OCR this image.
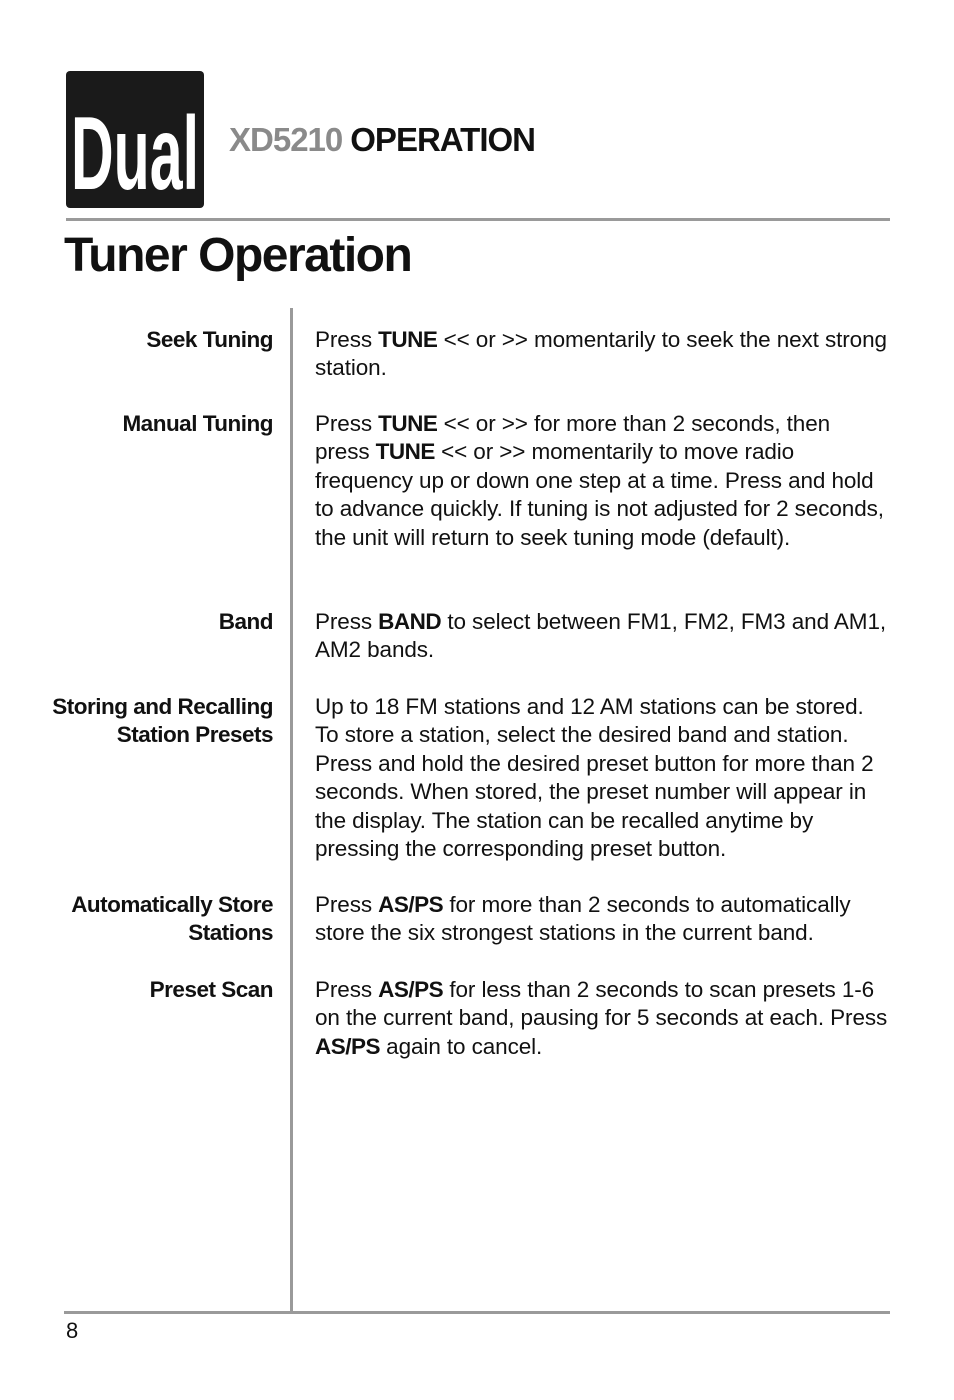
Dual XD5210 OPERATION
Tuner Operation
Seek Tuning Press TUNE << or >> momentarily to seek the next strong station.
Manual Tuning Press TUNE << or >> for more than 2 seconds, then press TUNE << or >> momentarily to move radio frequency up or down one step at a time. Press and hold to advance quickly. If tuning is not adjusted for 2 seconds, the unit will return to seek tuning mode (default).
Band Press BAND to select between FM1, FM2, FM3 and AM1, AM2 bands.
Storing and Recalling Station Presets
Up to 18 FM stations and 12 AM stations can be stored. To store a station, select the desired band and station. Press and hold the desired preset button for more than 2 seconds. When stored, the preset number will appear in the display. The station can be recalled anytime by pressing the corresponding preset button.
Automatically Store Stations
Press AS/PS for more than 2 seconds to automatically store the six strongest stations in the current band.
Preset Scan Press AS/PS for less than 2 seconds to scan presets 1-6 on the current band, pausing for 5 seconds at each. Press AS/PS again to cancel.
8
